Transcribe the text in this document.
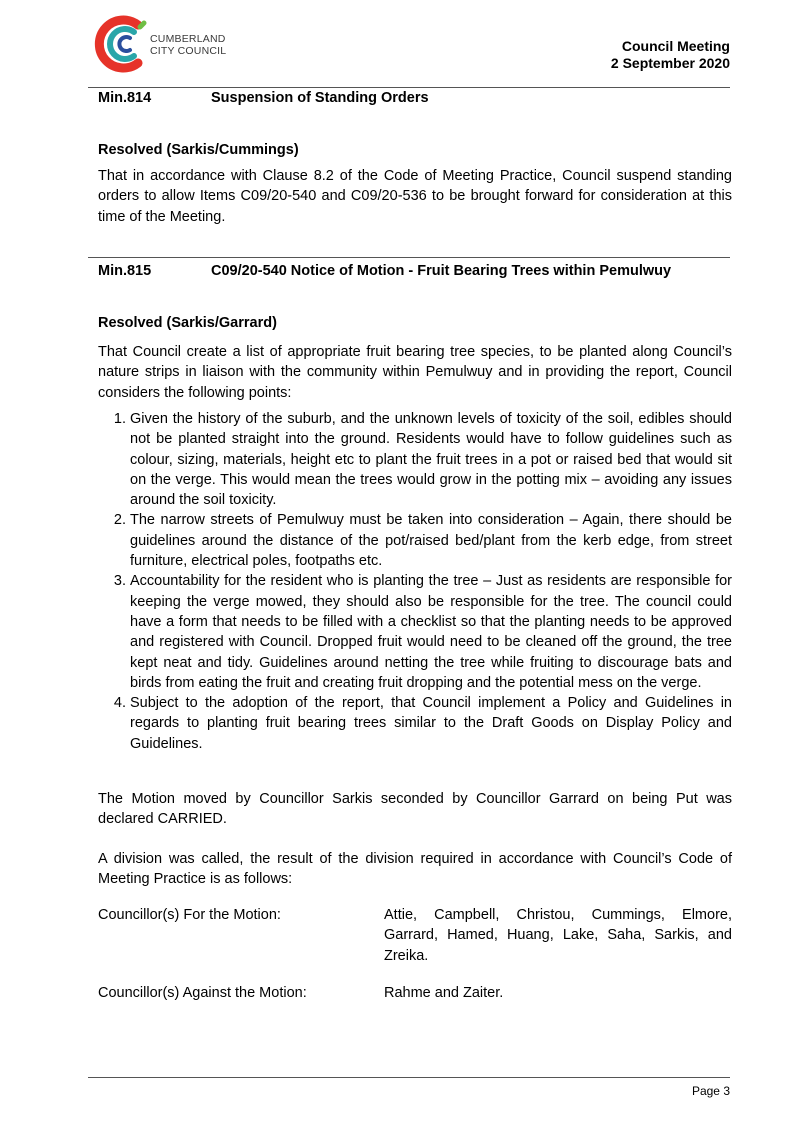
CUMBERLAND
CITY COUNCIL	Council Meeting
2 September 2020
Min.814	Suspension of Standing Orders
Resolved (Sarkis/Cummings)
That in accordance with Clause 8.2 of the Code of Meeting Practice, Council suspend standing orders to allow Items C09/20-540 and C09/20-536 to be brought forward for consideration at this time of the Meeting.
Min.815	C09/20-540 Notice of Motion - Fruit Bearing Trees within Pemulwuy
Resolved (Sarkis/Garrard)
That Council create a list of appropriate fruit bearing tree species, to be planted along Council’s nature strips in liaison with the community within Pemulwuy and in providing the report, Council considers the following points:
1. Given the history of the suburb, and the unknown levels of toxicity of the soil, edibles should not be planted straight into the ground. Residents would have to follow guidelines such as colour, sizing, materials, height etc to plant the fruit trees in a pot or raised bed that would sit on the verge. This would mean the trees would grow in the potting mix – avoiding any issues around the soil toxicity.
2. The narrow streets of Pemulwuy must be taken into consideration – Again, there should be guidelines around the distance of the pot/raised bed/plant from the kerb edge, from street furniture, electrical poles, footpaths etc.
3. Accountability for the resident who is planting the tree – Just as residents are responsible for keeping the verge mowed, they should also be responsible for the tree. The council could have a form that needs to be filled with a checklist so that the planting needs to be approved and registered with Council. Dropped fruit would need to be cleaned off the ground, the tree kept neat and tidy. Guidelines around netting the tree while fruiting to discourage bats and birds from eating the fruit and creating fruit dropping and the potential mess on the verge.
4. Subject to the adoption of the report, that Council implement a Policy and Guidelines in regards to planting fruit bearing trees similar to the Draft Goods on Display Policy and Guidelines.
The Motion moved by Councillor Sarkis seconded by Councillor Garrard on being Put was declared CARRIED.
A division was called, the result of the division required in accordance with Council’s Code of Meeting Practice is as follows:
Councillor(s) For the Motion:	Attie, Campbell, Christou, Cummings, Elmore, Garrard, Hamed, Huang, Lake, Saha, Sarkis, and Zreika.
Councillor(s) Against the Motion:	Rahme and Zaiter.
Page 3
